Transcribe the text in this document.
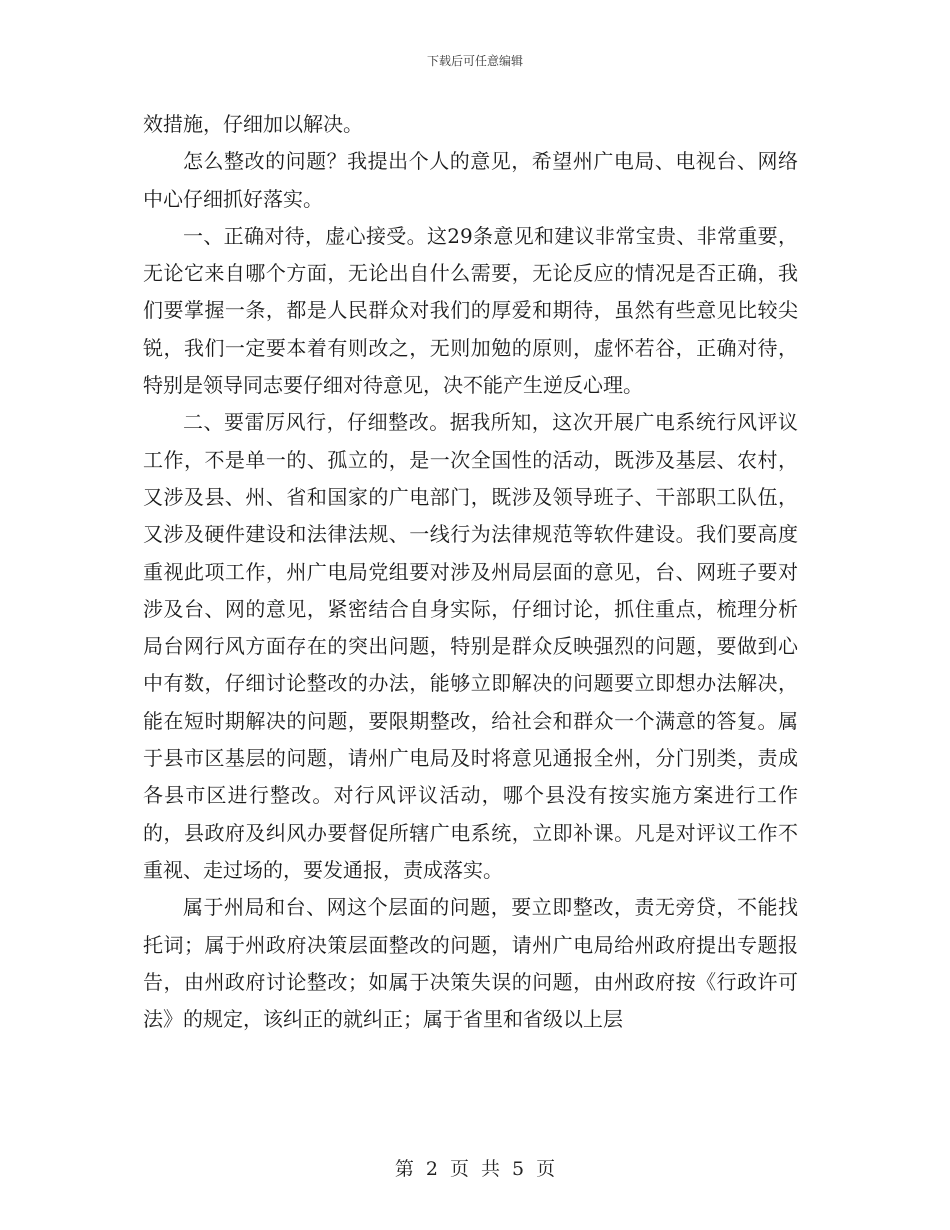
下载后可任意编辑

效措施，仔细加以解决。

怎么整改的问题？我提出个人的意见，希望州广电局、电视台、网络中心仔细抓好落实。

一、正确对待，虚心接受。这29条意见和建议非常宝贵、非常重要，无论它来自哪个方面，无论出自什么需要，无论反应的情况是否正确，我们要掌握一条，都是人民群众对我们的厚爱和期待，虽然有些意见比较尖锐，我们一定要本着有则改之，无则加勉的原则，虚怀若谷，正确对待，特别是领导同志要仔细对待意见，决不能产生逆反心理。

二、要雷厉风行，仔细整改。据我所知，这次开展广电系统行风评议工作，不是单一的、孤立的，是一次全国性的活动，既涉及基层、农村，又涉及县、州、省和国家的广电部门，既涉及领导班子、干部职工队伍，又涉及硬件建设和法律法规、一线行为法律规范等软件建设。我们要高度重视此项工作，州广电局党组要对涉及州局层面的意见，台、网班子要对涉及台、网的意见，紧密结合自身实际，仔细讨论，抓住重点，梳理分析局台网行风方面存在的突出问题，特别是群众反映强烈的问题，要做到心中有数，仔细讨论整改的办法，能够立即解决的问题要立即想办法解决，能在短时期解决的问题，要限期整改，给社会和群众一个满意的答复。属于县市区基层的问题，请州广电局及时将意见通报全州，分门别类，责成各县市区进行整改。对行风评议活动，哪个县没有按实施方案进行工作的，县政府及纠风办要督促所辖广电系统，立即补课。凡是对评议工作不重视、走过场的，要发通报，责成落实。

属于州局和台、网这个层面的问题，要立即整改，责无旁贷，不能找托词；属于州政府决策层面整改的问题，请州广电局给州政府提出专题报告，由州政府讨论整改；如属于决策失误的问题，由州政府按《行政许可法》的规定，该纠正的就纠正；属于省里和省级以上层

第 2 页 共 5 页
